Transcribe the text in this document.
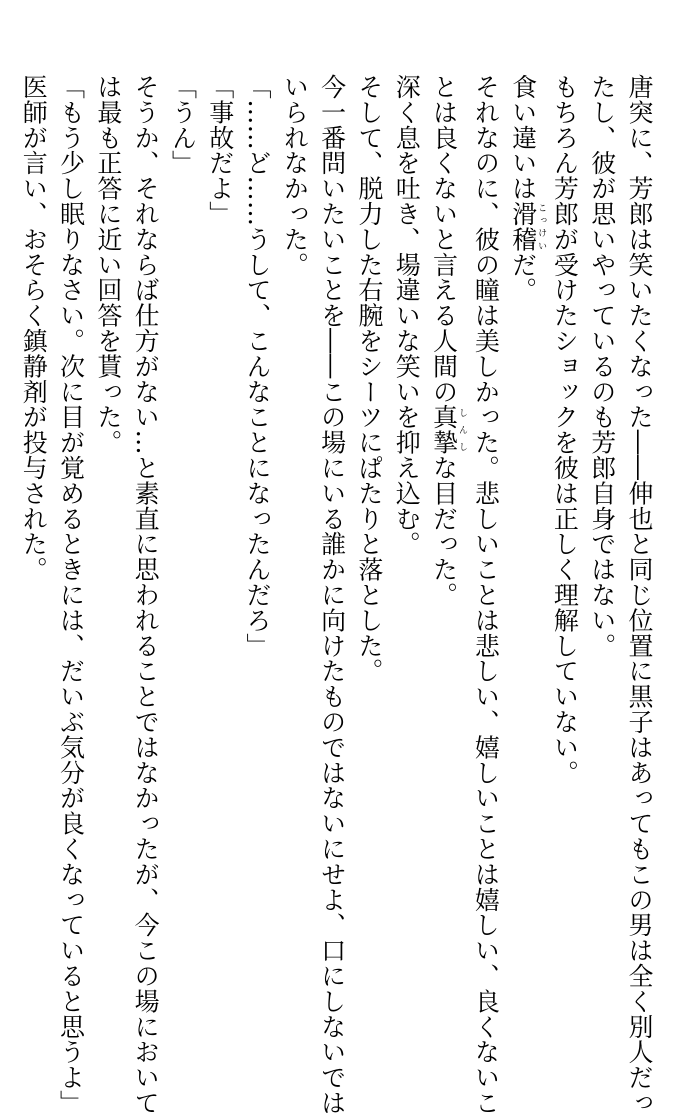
唐突に、芳郎は笑いたくなった――伸也と同じ位置に黒子はあってもこの男は全く別人だっ
たし、彼が思いやっているのも芳郎自身ではない。
もちろん芳郎が受けたショックを彼は正しく理解していない。
食い違いは滑稽こっけいだ。
それなのに、彼の瞳は美しかった。悲しいことは悲しい、嬉しいことは嬉しい、良くないこ
とは良くないと言える人間の真摯しんしな目だった。
深く息を吐き、場違いな笑いを抑え込む。
そして、脱力した右腕をシーツにぱたりと落とした。
今一番問いたいことを――この場にいる誰かに向けたものではないにせよ、口にしないでは
いられなかった。
「……ど……うして、こんなことになったんだろ」
「事故だよ」
「うん」
そうか、それならば仕方がない…と素直に思われることではなかったが、今この場において
は最も正答に近い回答を貰った。
「もう少し眠りなさい。次に目が覚めるときには、だいぶ気分が良くなっていると思うよ」
医師が言い、おそらく鎮静剤が投与された。
